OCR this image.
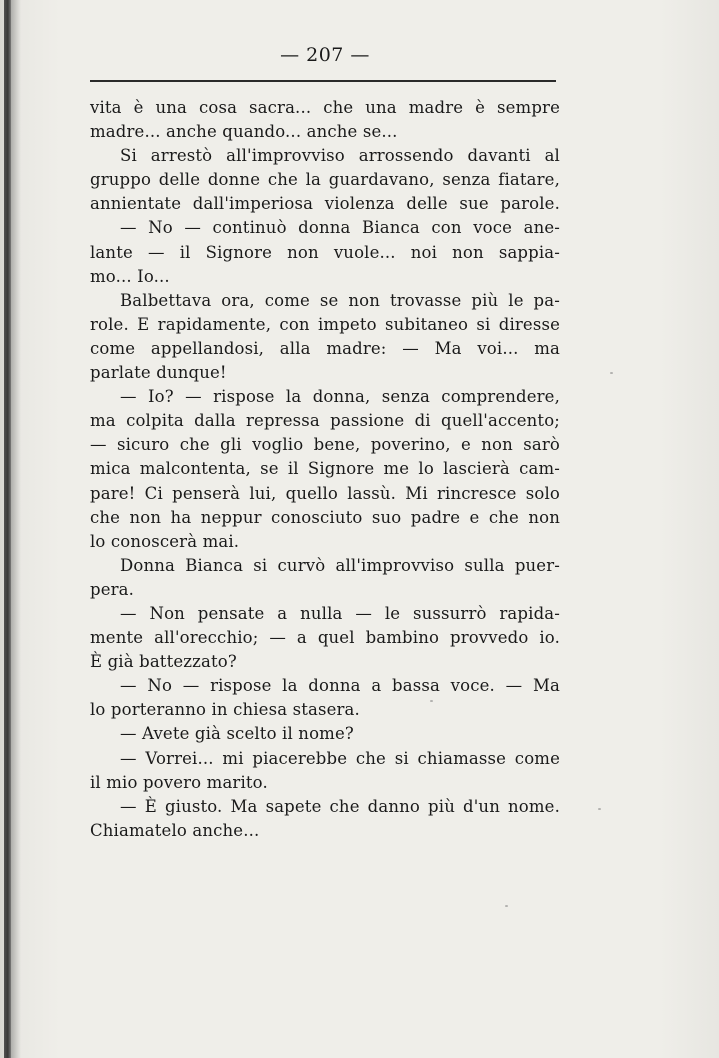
— 207 —
vita è una cosa sacra... che una madre è sempre
madre... anche quando... anche se...
Si arrestò all'improvviso arrossendo davanti al
gruppo delle donne che la guardavano, senza fiatare,
annientate dall'imperiosa violenza delle sue parole.
— No — continuò donna Bianca con voce ane-
lante — il Signore non vuole... noi non sappia-
mo... Io...
Balbettava ora, come se non trovasse più le pa-
role. E rapidamente, con impeto subitaneo si diresse
come appellandosi, alla madre: — Ma voi... ma
parlate dunque!
— Io? — rispose la donna, senza comprendere,
ma colpita dalla repressa passione di quell'accento;
— sicuro che gli voglio bene, poverino, e non sarò
mica malcontenta, se il Signore me lo lascierà cam-
pare! Ci penserà lui, quello lassù. Mi rincresce solo
che non ha neppur conosciuto suo padre e che non
lo conoscerà mai.
Donna Bianca si curvò all'improvviso sulla puer-
pera.
— Non pensate a nulla — le sussurrò rapida-
mente all'orecchio; — a quel bambino provvedo io.
È già battezzato?
— No — rispose la donna a bassa voce. — Ma
lo porteranno in chiesa stasera.
— Avete già scelto il nome?
— Vorrei... mi piacerebbe che si chiamasse come
il mio povero marito.
— È giusto. Ma sapete che danno più d'un nome.
Chiamatelo anche...
